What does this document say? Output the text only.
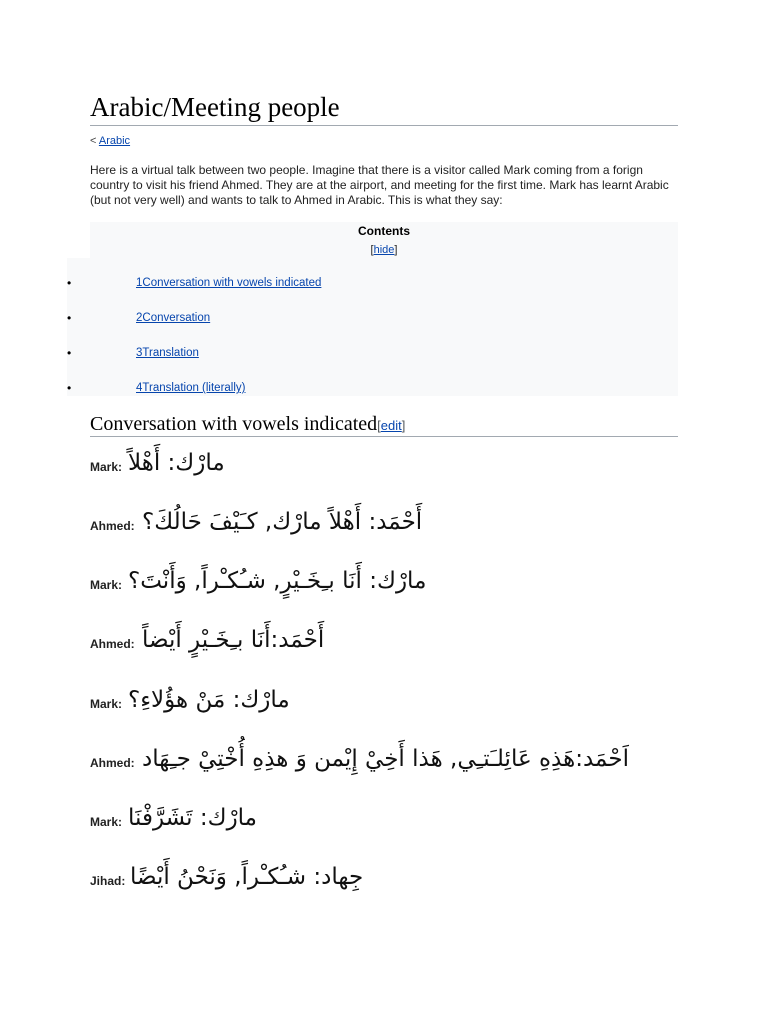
Arabic/Meeting people
< Arabic

Here is a virtual talk between two people. Imagine that there is a visitor called Mark coming from a forign country to visit his friend Ahmed. They are at the airport, and meeting for the first time. Mark has learnt Arabic (but not very well) and wants to talk to Ahmed in Arabic. This is what they say:

Contents
[hide]
•	1Conversation with vowels indicated
•	2Conversation
•	3Translation
•	4Translation (literally)
Conversation with vowels indicated[edit]
Mark: مارْك: أَهْلاً
Ahmed: أَحْمَد: أَهْلاً مارْك, كـَيْفَ حَالُكَ؟
Mark: مارْك: أَنَا بـِخَـيْرٍ, شـُكـْراً, وَأَنْتَ؟
Ahmed: أَحْمَد:أَنَا بـِخَـيْرٍ أَيْضاً
Mark: مارْك: مَنْ هؤُلاءِ؟
Ahmed: اَحْمَد:هَذِهِ عَائِلـَتـِي, هَذا أَخِيْ إِيْمن وَ هذِهِ أُخْتِيْ جـِهَاد
Mark: مارْك: تَشَرَّفْنَا
Jihad: جِهاد: شـُكـْراً, وَنَحْنُ أَيْضًا
